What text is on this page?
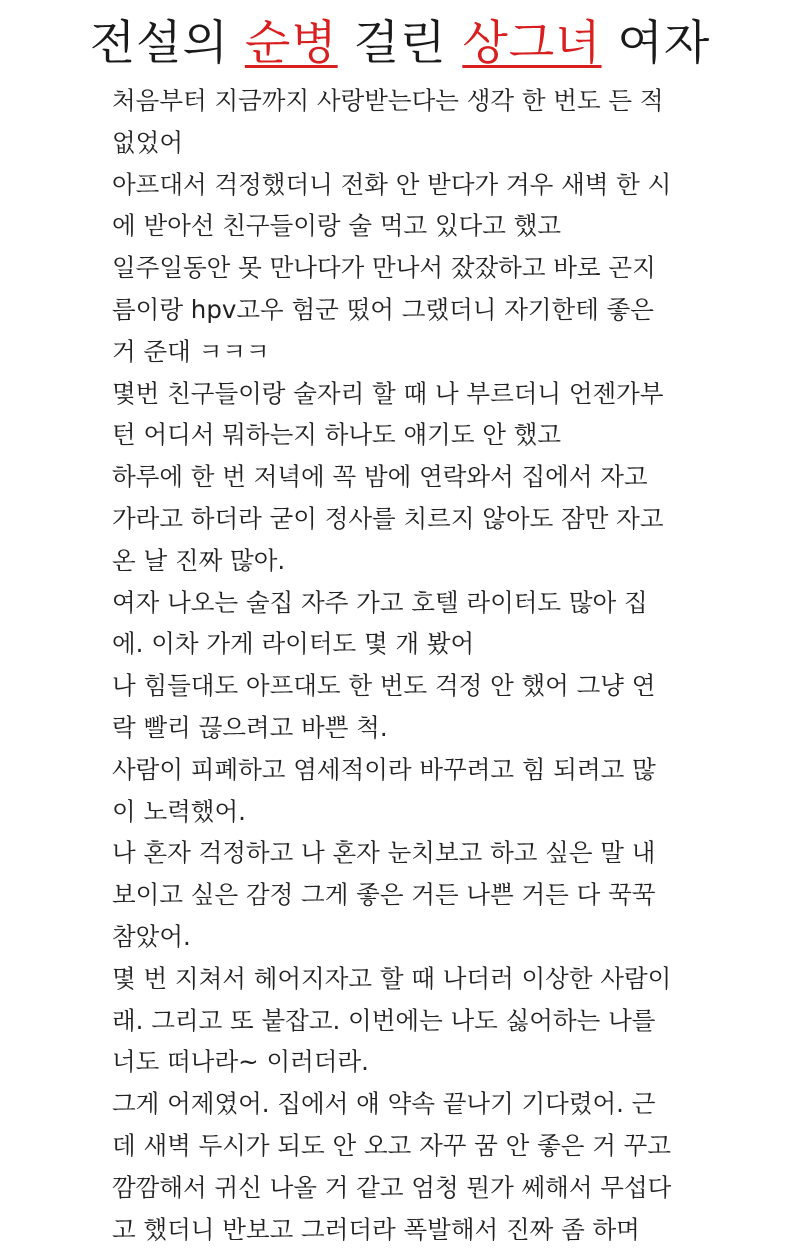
전설의 순병 걸린 상그녀 여자

처음부터 지금까지 사랑받는다는 생각 한 번도 든 적
없었어

아프대서 걱정했더니 전화 안 받다가 겨우 새벽 한 시
에 받아선 친구들이랑 술 먹고 있다고 했고

일주일동안 못 만나다가 만나서 잤잤하고 바로 곤지
름이랑 hpv고우 험군 떴어 그랬더니 자기한테 좋은
거 준대 ㅋㅋㅋ

몇번 친구들이랑 술자리 할 때 나 부르더니 언젠가부
턴 어디서 뭐하는지 하나도 얘기도 안 했고

하루에 한 번 저녁에 꼭 밤에 연락와서 집에서 자고
가라고 하더라 굳이 정사를 치르지 않아도 잠만 자고
온 날 진짜 많아.

여자 나오는 술집 자주 가고 호텔 라이터도 많아 집
에. 이차 가게 라이터도 몇 개 봤어

나 힘들대도 아프대도 한 번도 걱정 안 했어 그냥 연
락 빨리 끊으려고 바쁜 척.

사람이 피폐하고 염세적이라 바꾸려고 힘 되려고 많
이 노력했어.

나 혼자 걱정하고 나 혼자 눈치보고 하고 싶은 말 내
보이고 싶은 감정 그게 좋은 거든 나쁜 거든 다 꾹꾹
참았어.

몇 번 지쳐서 헤어지자고 할 때 나더러 이상한 사람이
래. 그리고 또 붙잡고. 이번에는 나도 싫어하는 나를
너도 떠나라~ 이러더라.

그게 어제였어. 집에서 얘 약속 끝나기 기다렸어. 근
데 새벽 두시가 되도 안 오고 자꾸 꿈 안 좋은 거 꾸고
깜깜해서 귀신 나올 거 같고 엄청 뭔가 쎄해서 무섭다
고 했더니 반보고 그러더라 폭발해서 진짜 좀 하며
